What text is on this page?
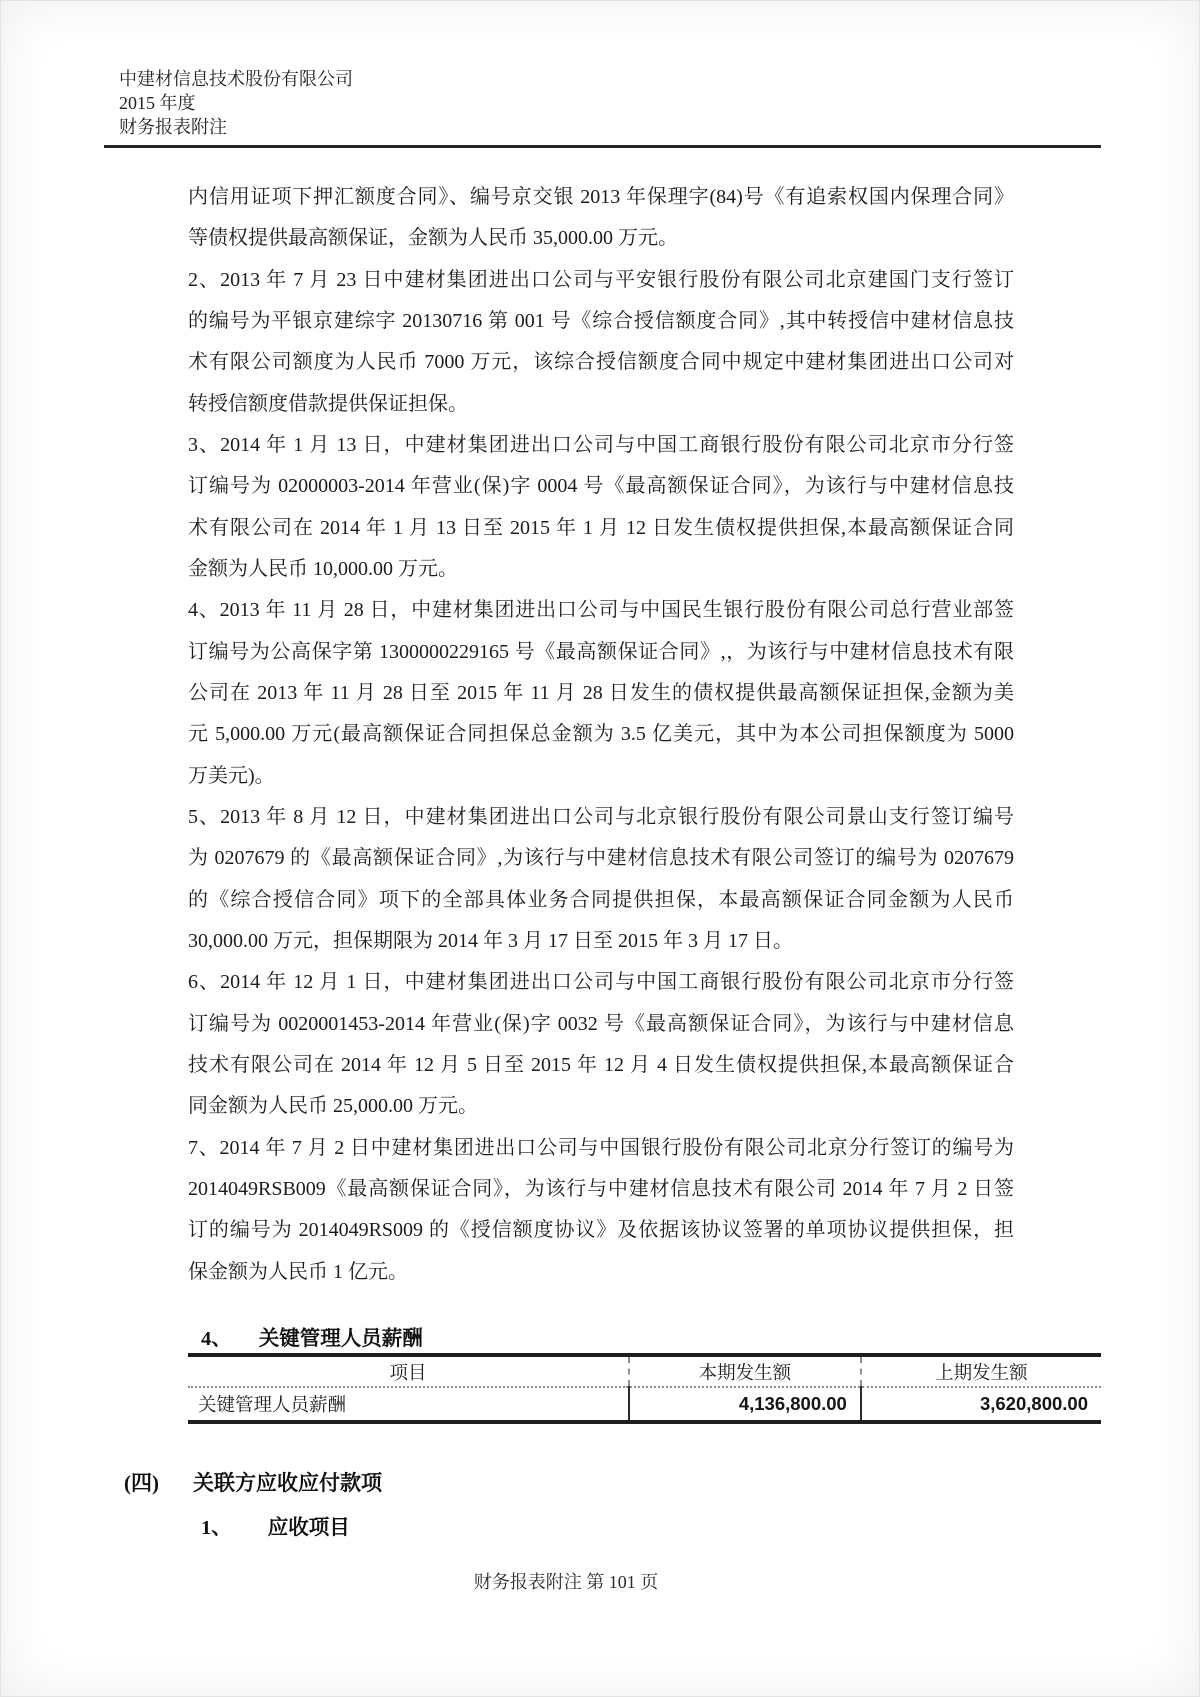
中建材信息技术股份有限公司
2015 年度
财务报表附注
内信用证项下押汇额度合同》、编号京交银 2013 年保理字(84)号《有追索权国内保理合同》
等债权提供最高额保证，金额为人民币 35,000.00 万元。
2、2013 年 7 月 23 日中建材集团进出口公司与平安银行股份有限公司北京建国门支行签订
的编号为平银京建综字 20130716 第 001 号《综合授信额度合同》,其中转授信中建材信息技
术有限公司额度为人民币 7000 万元，该综合授信额度合同中规定中建材集团进出口公司对
转授信额度借款提供保证担保。
3、2014 年 1 月 13 日，中建材集团进出口公司与中国工商银行股份有限公司北京市分行签
订编号为 02000003-2014 年营业(保)字 0004 号《最高额保证合同》，为该行与中建材信息技
术有限公司在 2014 年 1 月 13 日至 2015 年 1 月 12 日发生债权提供担保,本最高额保证合同
金额为人民币 10,000.00 万元。
4、2013 年 11 月 28 日，中建材集团进出口公司与中国民生银行股份有限公司总行营业部签
订编号为公高保字第 1300000229165 号《最高额保证合同》,，为该行与中建材信息技术有限
公司在 2013 年 11 月 28 日至 2015 年 11 月 28 日发生的债权提供最高额保证担保,金额为美
元 5,000.00 万元(最高额保证合同担保总金额为 3.5 亿美元，其中为本公司担保额度为 5000
万美元)。
5、2013 年 8 月 12 日，中建材集团进出口公司与北京银行股份有限公司景山支行签订编号
为 0207679 的《最高额保证合同》,为该行与中建材信息技术有限公司签订的编号为 0207679
的《综合授信合同》项下的全部具体业务合同提供担保，本最高额保证合同金额为人民币
30,000.00 万元，担保期限为 2014 年 3 月 17 日至 2015 年 3 月 17 日。
6、2014 年 12 月 1 日，中建材集团进出口公司与中国工商银行股份有限公司北京市分行签
订编号为 0020001453-2014 年营业(保)字 0032 号《最高额保证合同》，为该行与中建材信息
技术有限公司在 2014 年 12 月 5 日至 2015 年 12 月 4 日发生债权提供担保,本最高额保证合
同金额为人民币 25,000.00 万元。
7、2014 年 7 月 2 日中建材集团进出口公司与中国银行股份有限公司北京分行签订的编号为
2014049RSB009《最高额保证合同》，为该行与中建材信息技术有限公司 2014 年 7 月 2 日签
订的编号为 2014049RS009 的《授信额度协议》及依据该协议签署的单项协议提供担保，担
保金额为人民币 1 亿元。
4、 关键管理人员薪酬
项目	本期发生额	上期发生额
关键管理人员薪酬	4,136,800.00	3,620,800.00
(四) 关联方应收应付款项
1、 应收项目
财务报表附注 第 101 页
